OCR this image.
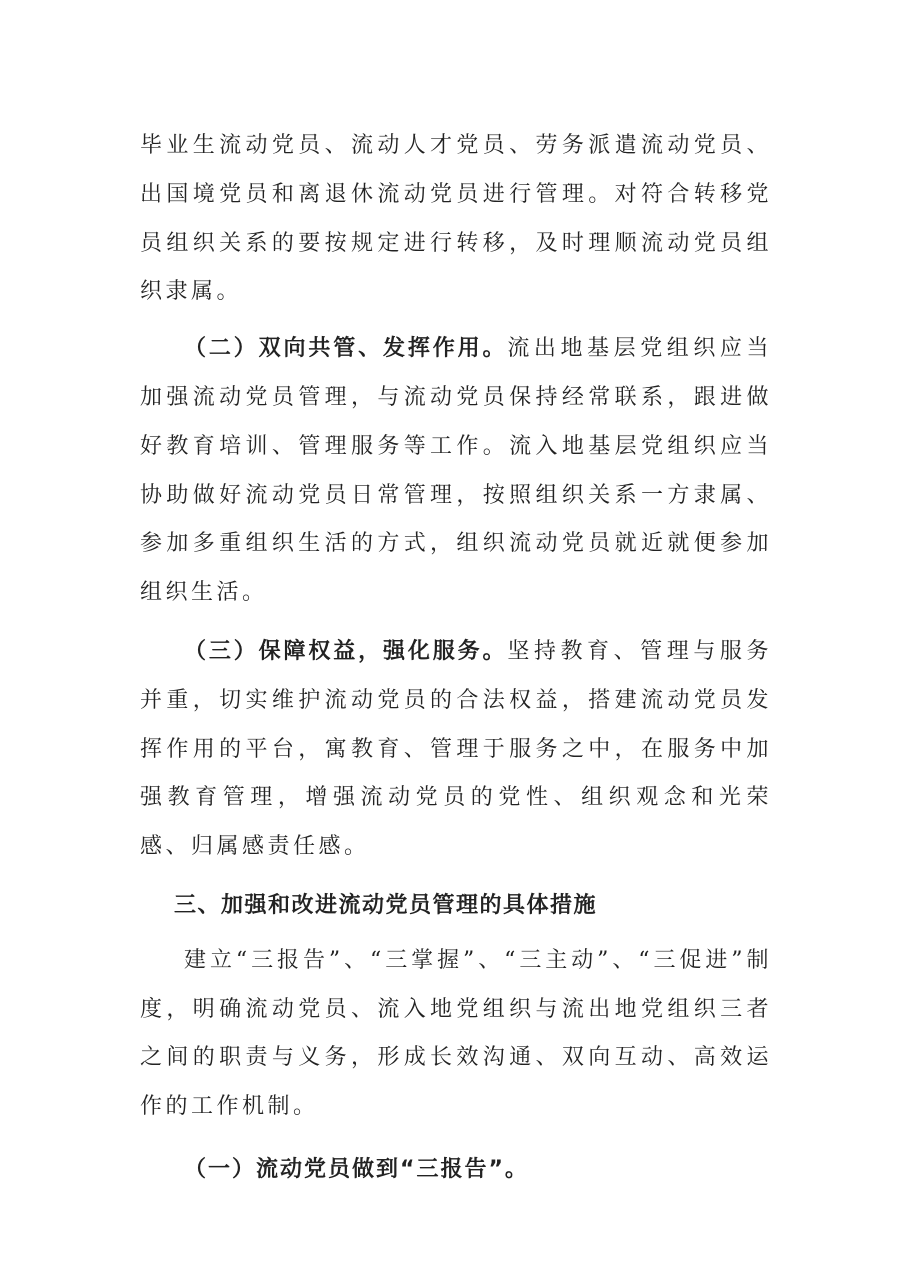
毕业生流动党员、流动人才党员、劳务派遣流动党员、出国境党员和离退休流动党员进行管理。对符合转移党员组织关系的要按规定进行转移，及时理顺流动党员组织隶属。

（二）双向共管、发挥作用。流出地基层党组织应当加强流动党员管理，与流动党员保持经常联系，跟进做好教育培训、管理服务等工作。流入地基层党组织应当协助做好流动党员日常管理，按照组织关系一方隶属、参加多重组织生活的方式，组织流动党员就近就便参加组织生活。

（三）保障权益，强化服务。坚持教育、管理与服务并重，切实维护流动党员的合法权益，搭建流动党员发挥作用的平台，寓教育、管理于服务之中，在服务中加强教育管理，增强流动党员的党性、组织观念和光荣感、归属感责任感。

三、加强和改进流动党员管理的具体措施

建立“三报告”、“三掌握”、“三主动”、“三促进”制度，明确流动党员、流入地党组织与流出地党组织三者之间的职责与义务，形成长效沟通、双向互动、高效运作的工作机制。

（一）流动党员做到“三报告”。
